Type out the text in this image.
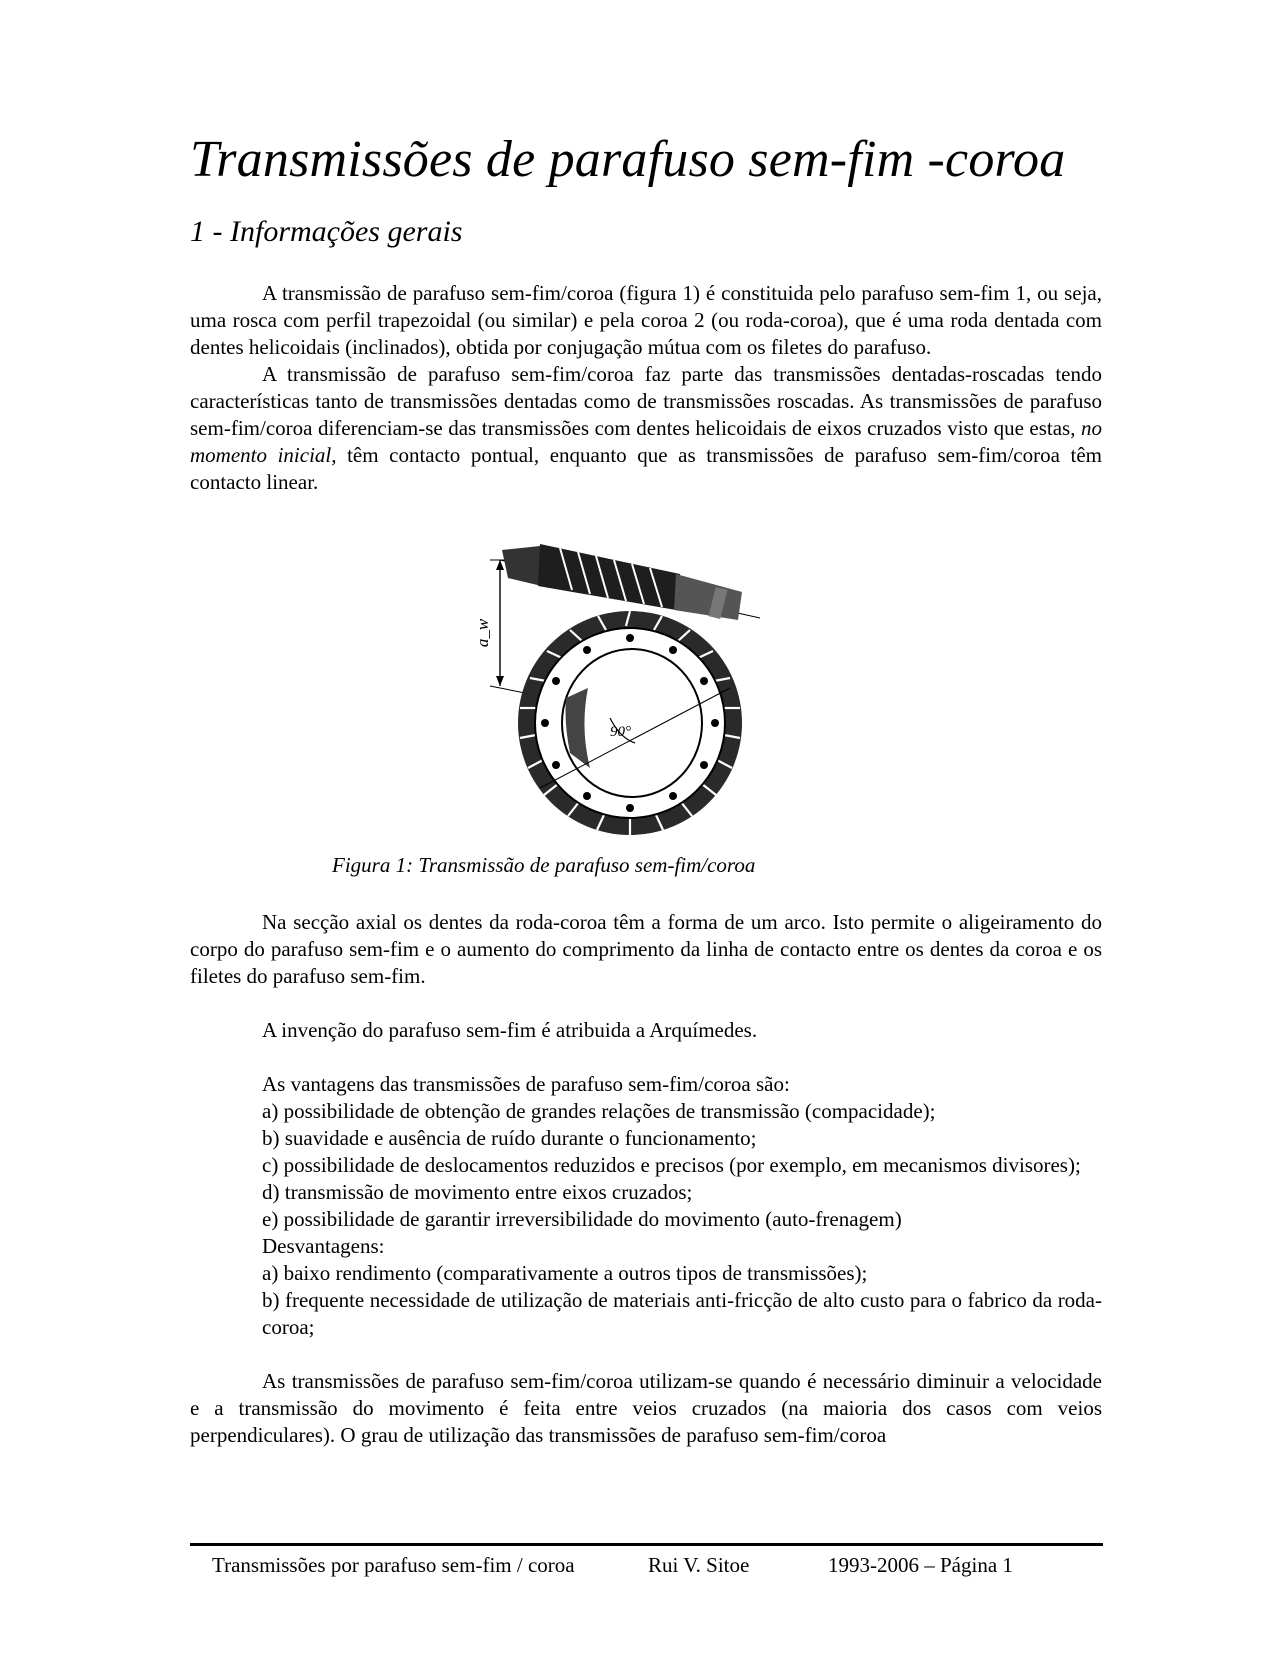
Transmissões de parafuso sem-fim -coroa
1 - Informações gerais

A transmissão de parafuso sem-fim/coroa (figura 1) é constituida pelo parafuso sem-fim 1, ou seja, uma rosca com perfil trapezoidal (ou similar) e pela coroa 2 (ou roda-coroa), que é uma roda dentada com dentes helicoidais (inclinados), obtida por conjugação mútua com os filetes do parafuso.

A transmissão de parafuso sem-fim/coroa faz parte das transmissões dentadas-roscadas tendo características tanto de transmissões dentadas como de transmissões roscadas. As transmissões de parafuso sem-fim/coroa diferenciam-se das transmissões com dentes helicoidais de eixos cruzados visto que estas, no momento inicial, têm contacto pontual, enquanto que as transmissões de parafuso sem-fim/coroa têm contacto linear.

a_w
90°
Figura 1: Transmissão de parafuso sem-fim/coroa

Na secção axial os dentes da roda-coroa têm a forma de um arco. Isto permite o aligeiramento do corpo do parafuso sem-fim e o aumento do comprimento da linha de contacto entre os dentes da coroa e os filetes do parafuso sem-fim.

A invenção do parafuso sem-fim é atribuida a Arquímedes.

As vantagens das transmissões de parafuso sem-fim/coroa são:

a) possibilidade de obtenção de grandes relações de transmissão (compacidade);

b) suavidade e ausência de ruído durante o funcionamento;

c) possibilidade de deslocamentos reduzidos e precisos (por exemplo, em mecanismos divisores);

d) transmissão de movimento entre eixos cruzados;

e) possibilidade de garantir irreversibilidade do movimento (auto-frenagem)

Desvantagens:

a) baixo rendimento (comparativamente a outros tipos de transmissões);

b) frequente necessidade de utilização de materiais anti-fricção de alto custo para o fabrico da roda-coroa;

As transmissões de parafuso sem-fim/coroa utilizam-se quando é necessário diminuir a velocidade e a transmissão do movimento é feita entre veios cruzados (na maioria dos casos com veios perpendiculares). O grau de utilização das transmissões de parafuso sem-fim/coroa

Transmissões por parafuso sem-fim / coroa	Rui V. Sitoe	1993-2006 – Página 1
